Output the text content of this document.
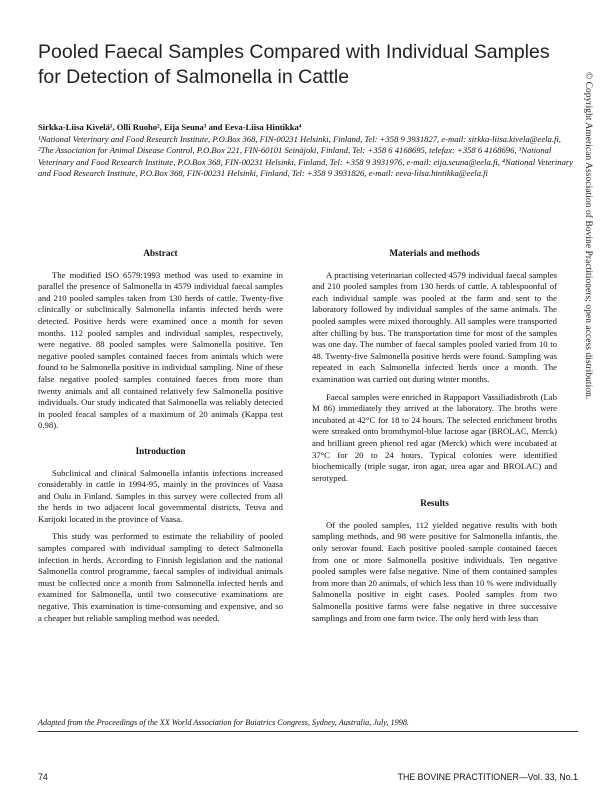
Pooled Faecal Samples Compared with Individual Samples
for Detection of Salmonella in Cattle
Sirkka-Liisa Kivelä¹, Olli Ruoho², Eija Seuna³ and Eeva-Liisa Hintikka⁴
¹National Veterinary and Food Research Institute, P.O.Box 368, FIN-00231 Helsinki, Finland, Tel: +358 9 3931827, e-mail: sirkka-liisa.kivela@eela.fi, ²The Association for Animal Disease Control, P.O.Box 221, FIN-60101 Seinäjoki, Finland, Tel: +358 6 4168695, telefax: +358 6 4168696, ³National Veterinary and Food Research Institute, P.O.Box 368, FIN-00231 Helsinki, Finland, Tel: +358 9 3931976, e-mail: eija.seuna@eela.fi, ⁴National Veterinary and Food Research Institute, P.O.Box 368, FIN-00231 Helsinki, Finland, Tel: +358 9 3931826, e-mail: eeva-liisa.hintikka@eela.fi	© Copyright American Association of Bovine Practitioners; open access distribution.
Abstract

The modified ISO 6579:1993 method was used to examine in parallel the presence of Salmonella in 4579 individual faecal samples and 210 pooled samples taken from 130 herds of cattle. Twenty-five clinically or subclinically Salmonella infantis infected herds were detected. Positive herds were examined once a month for seven months. 112 pooled samples and individual samples, respectively, were negative. 88 pooled samples were Salmonella positive. Ten negative pooled samples contained faeces from animals which were found to be Salmonella positive in individual sampling. Nine of these false negative pooled samples contained faeces from more than twenty animals and all contained relatively few Salmonella positive individuals. Our study indicated that Salmonella was reliably detected in pooled feacal samples of a maximum of 20 animals (Kappa test 0.98).

Introduction

Subclinical and clinical Salmonella infantis infections increased considerably in cattle in 1994-95, mainly in the provinces of Vaasa and Oulu in Finland. Samples in this survey were collected from all the herds in two adjacent local governmental districts, Teuva and Karijoki located in the province of Vaasa.

This study was performed to estimate the reliability of pooled samples compared with individual sampling to detect Salmonella infection in herds. According to Finnish legislation and the national Salmonella control programme, faecal samples of individual animals must be collected once a month from Salmonella infected herds and examined for Salmonella, until two consecutive examinations are negative. This examination is time-consuming and expensive, and so a cheaper but reliable sampling method was needed.

Materials and methods

A practising veterinarian collected 4579 individual faecal samples and 210 pooled samples from 130 herds of cattle. A tablespoonful of each individual sample was pooled at the farm and sent to the laboratory followed by individual samples of the same animals. The pooled samples were mixed thoroughly. All samples were transported after chilling by bus. The transportation time for most of the samples was one day. The number of faecal samples pooled varied from 10 to 48. Twenty-five Salmonella positive herds were found. Sampling was repeated in each Salmonella infected herds once a month. The examination was carried out during winter months.

Faecal samples were enriched in Rappaport Vassiliadisbroth (Lab M 86) immediately they arrived at the laboratory. The broths were incubated at 42°C for 18 to 24 hours. The selected enrichment broths were streaked onto bromthymol-blue lactose agar (BROLAC, Merck) and brilliant green phenol red agar (Merck) which were incubated at 37°C for 20 to 24 hours. Typical colonies were identified biochemically (triple sugar, iron agar, urea agar and BROLAC) and serotyped.

Results

Of the pooled samples, 112 yielded negative results with both sampling methods, and 98 were positive for Salmonella infantis, the only serovar found. Each positive pooled sample contained faeces from one or more Salmonella positive individuals. Ten negative pooled samples were false negative. Nine of them contained samples from more than 20 animals, of which less than 10 % were individually Salmonella positive in eight cases. Pooled samples from two Salmonella positive farms were false negative in three successive samplings and from one farm twice. The only herd with less than

Adapted from the Proceedings of the XX World Association for Buiatrics Congress, Sydney, Australia, July, 1998.
74	THE BOVINE PRACTITIONER—Vol. 33, No.1
